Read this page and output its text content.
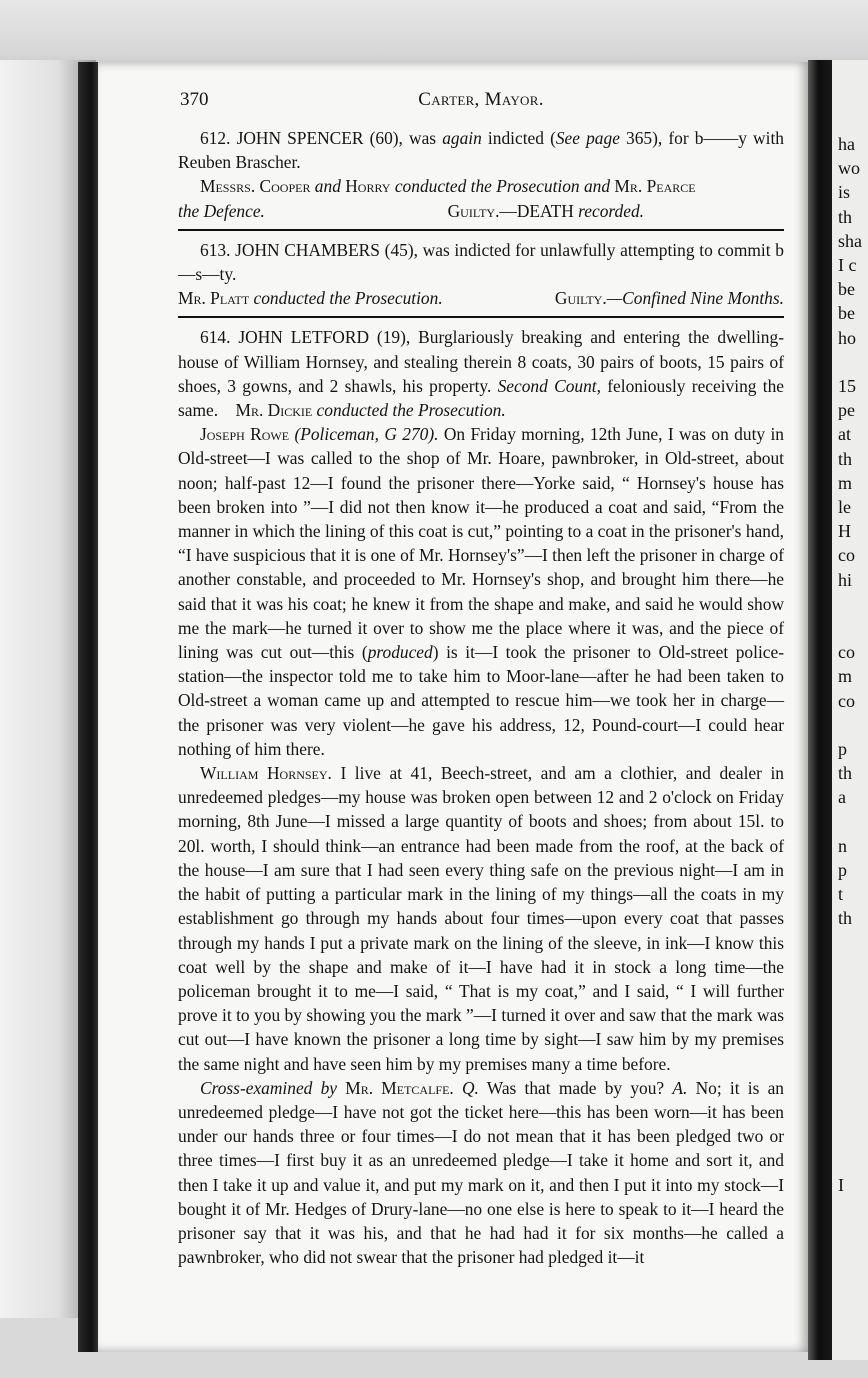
ha
wo
is
th
sha
I c
be
be
ho
15
pe
at
th
m
le
H
co
hi
co
m
co
p
th
a
n
p
t
th
I
370	Carter, Mayor.

612. JOHN SPENCER (60), was again indicted (See page 365), for b——y with Reuben Brascher.

Messrs. Cooper and Horry conducted the Prosecution and Mr. Pearce

the Defence.	Guilty.—DEATH recorded.

613. JOHN CHAMBERS (45), was indicted for unlawfully attempting to commit b—s—ty.

Mr. Platt conducted the Prosecution.	Guilty.—Confined Nine Months.

614. JOHN LETFORD (19), Burglariously breaking and entering the dwelling-house of William Hornsey, and stealing therein 8 coats, 30 pairs of boots, 15 pairs of shoes, 3 gowns, and 2 shawls, his property. Second Count, feloniously receiving the same. Mr. Dickie conducted the Prosecution.

Joseph Rowe (Policeman, G 270). On Friday morning, 12th June, I was on duty in Old-street—I was called to the shop of Mr. Hoare, pawnbroker, in Old-street, about noon; half-past 12—I found the prisoner there—Yorke said, “ Hornsey's house has been broken into ”—I did not then know it—he produced a coat and said, “From the manner in which the lining of this coat is cut,” pointing to a coat in the prisoner's hand, “I have suspicious that it is one of Mr. Hornsey's”—I then left the prisoner in charge of another constable, and proceeded to Mr. Hornsey's shop, and brought him there—he said that it was his coat; he knew it from the shape and make, and said he would show me the mark—he turned it over to show me the place where it was, and the piece of lining was cut out—this (produced) is it—I took the prisoner to Old-street police-station—the inspector told me to take him to Moor-lane—after he had been taken to Old-street a woman came up and attempted to rescue him—we took her in charge—the prisoner was very violent—he gave his address, 12, Pound-court—I could hear nothing of him there.

William Hornsey. I live at 41, Beech-street, and am a clothier, and dealer in unredeemed pledges—my house was broken open between 12 and 2 o'clock on Friday morning, 8th June—I missed a large quantity of boots and shoes; from about 15l. to 20l. worth, I should think—an entrance had been made from the roof, at the back of the house—I am sure that I had seen every thing safe on the previous night—I am in the habit of putting a particular mark in the lining of my things—all the coats in my establishment go through my hands about four times—upon every coat that passes through my hands I put a private mark on the lining of the sleeve, in ink—I know this coat well by the shape and make of it—I have had it in stock a long time—the policeman brought it to me—I said, “ That is my coat,” and I said, “ I will further prove it to you by showing you the mark ”—I turned it over and saw that the mark was cut out—I have known the prisoner a long time by sight—I saw him by my premises the same night and have seen him by my premises many a time before.

Cross-examined by Mr. Metcalfe. Q. Was that made by you? A. No; it is an unredeemed pledge—I have not got the ticket here—this has been worn—it has been under our hands three or four times—I do not mean that it has been pledged two or three times—I first buy it as an unredeemed pledge—I take it home and sort it, and then I take it up and value it, and put my mark on it, and then I put it into my stock—I bought it of Mr. Hedges of Drury-lane—no one else is here to speak to it—I heard the prisoner say that it was his, and that he had had it for six months—he called a pawnbroker, who did not swear that the prisoner had pledged it—it
